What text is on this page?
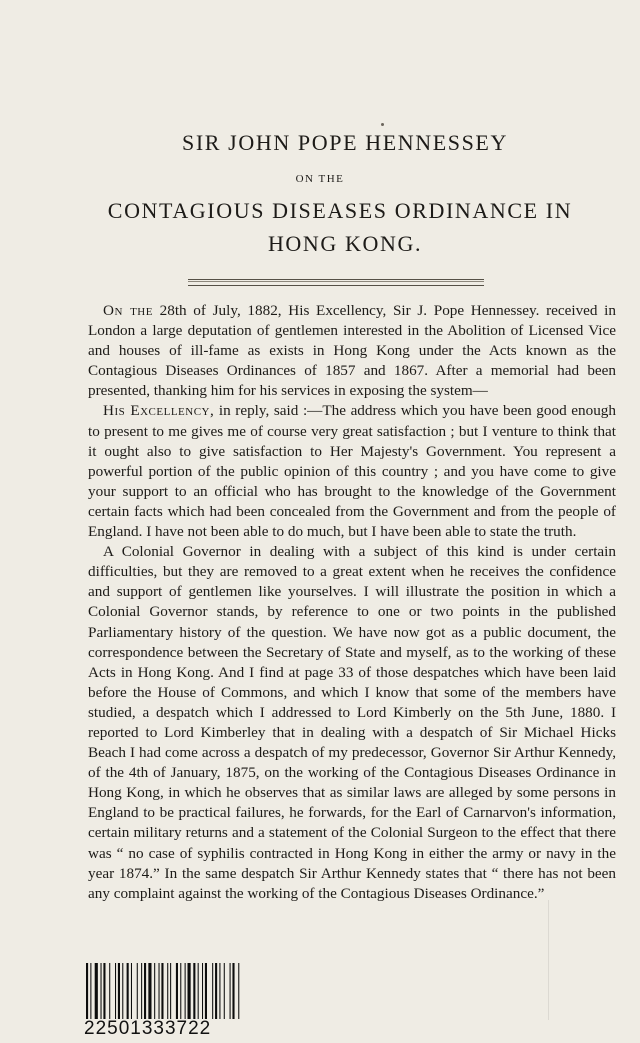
SIR JOHN POPE HENNESSEY
ON THE
CONTAGIOUS DISEASES ORDINANCE IN
HONG KONG.

On the 28th of July, 1882, His Excellency, Sir J. Pope Hennessey. received in London a large deputation of gentlemen interested in the Abolition of Licensed Vice and houses of ill-fame as exists in Hong Kong under the Acts known as the Contagious Diseases Ordinances of 1857 and 1867. After a memorial had been presented, thanking him for his services in exposing the system—

His Excellency, in reply, said :—The address which you have been good enough to present to me gives me of course very great satisfaction ; but I venture to think that it ought also to give satisfaction to Her Majesty's Government. You represent a powerful portion of the public opinion of this country ; and you have come to give your support to an official who has brought to the knowledge of the Government certain facts which had been concealed from the Government and from the people of England. I have not been able to do much, but I have been able to state the truth.

A Colonial Governor in dealing with a subject of this kind is under certain difficulties, but they are removed to a great extent when he receives the confidence and support of gentlemen like yourselves. I will illustrate the position in which a Colonial Governor stands, by reference to one or two points in the published Parliamentary history of the question. We have now got as a public document, the correspondence between the Secretary of State and myself, as to the working of these Acts in Hong Kong. And I find at page 33 of those despatches which have been laid before the House of Commons, and which I know that some of the members have studied, a despatch which I addressed to Lord Kimberly on the 5th June, 1880. I reported to Lord Kimberley that in dealing with a despatch of Sir Michael Hicks Beach I had come across a despatch of my predecessor, Governor Sir Arthur Kennedy, of the 4th of January, 1875, on the working of the Contagious Diseases Ordinance in Hong Kong, in which he observes that as similar laws are alleged by some persons in England to be practical failures, he forwards, for the Earl of Carnarvon's information, certain military returns and a statement of the Colonial Surgeon to the effect that there was “ no case of syphilis contracted in Hong Kong in either the army or navy in the year 1874.” In the same despatch Sir Arthur Kennedy states that “ there has not been any complaint against the working of the Contagious Diseases Ordinance.”

22501333722
